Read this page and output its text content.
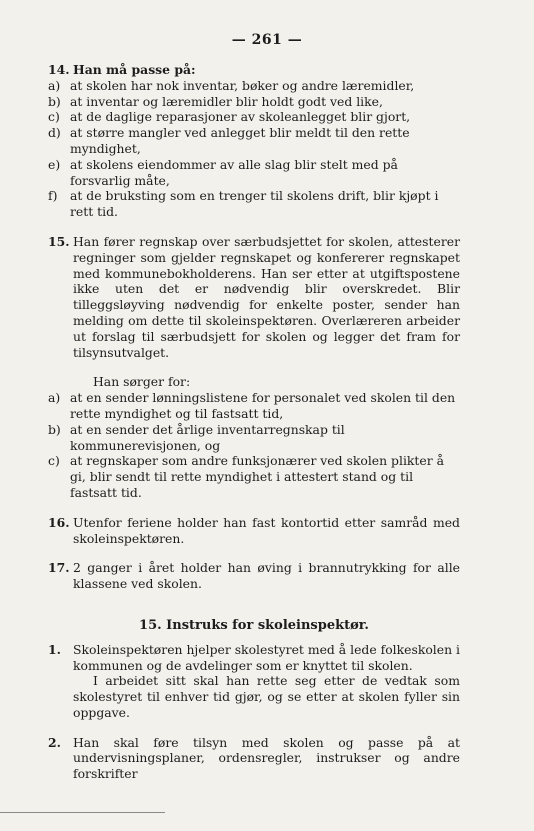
— 261 —
14. Han må passe på:
a) at skolen har nok inventar, bøker og andre læremidler,
b) at inventar og læremidler blir holdt godt ved like,
c) at de daglige reparasjoner av skoleanlegget blir gjort,
d) at større mangler ved anlegget blir meldt til den rette myndighet,
e) at skolens eiendommer av alle slag blir stelt med på forsvarlig måte,
f) at de bruksting som en trenger til skolens drift, blir kjøpt i rett tid.
15. Han fører regnskap over særbudsjettet for skolen, attesterer regninger som gjelder regnskapet og konfererer regnskapet med kommunebokholderens. Han ser etter at utgiftspostene ikke uten det er nødvendig blir overskredet. Blir tilleggsløyving nødvendig for enkelte poster, sender han melding om dette til skoleinspektøren. Overlæreren arbeider ut forslag til særbudsjett for skolen og legger det fram for tilsynsutvalget.
Han sørger for:
a) at en sender lønningslistene for personalet ved skolen til den rette myndighet og til fastsatt tid,
b) at en sender det årlige inventarregnskap til kommunerevisjonen, og
c) at regnskaper som andre funksjonærer ved skolen plikter å gi, blir sendt til rette myndighet i attestert stand og til fastsatt tid.
16. Utenfor feriene holder han fast kontortid etter samråd med skoleinspektøren.
17. 2 ganger i året holder han øving i brannutrykking for alle klassene ved skolen.
15. Instruks for skoleinspektør.
1. Skoleinspektøren hjelper skolestyret med å lede folkeskolen i kommunen og de avdelinger som er knyttet til skolen.
I arbeidet sitt skal han rette seg etter de vedtak som skolestyret til enhver tid gjør, og se etter at skolen fyller sin oppgave.
2. Han skal føre tilsyn med skolen og passe på at undervisningsplaner, ordensregler, instrukser og andre forskrifter
